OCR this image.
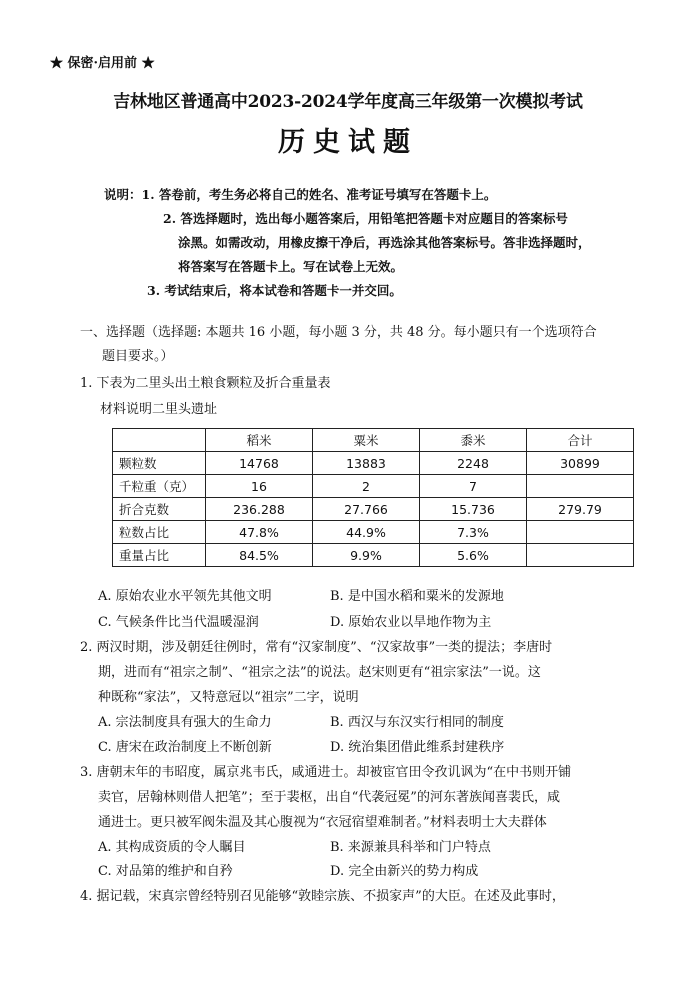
★ 保密·启用前 ★
吉林地区普通高中2023-2024学年度高三年级第一次模拟考试
历史试题
说明：1. 答卷前，考生务必将自己的姓名、准考证号填写在答题卡上。
2. 答选择题时，选出每小题答案后，用铅笔把答题卡对应题目的答案标号
涂黑。如需改动，用橡皮擦干净后，再选涂其他答案标号。答非选择题时，
将答案写在答题卡上。写在试卷上无效。
3. 考试结束后，将本试卷和答题卡一并交回。
一、选择题（选择题: 本题共 16 小题，每小题 3 分，共 48 分。每小题只有一个选项符合
题目要求。）
1. 下表为二里头出土粮食颗粒及折合重量表
材料说明二里头遗址
	稻米	粟米	黍米	合计
颗粒数	14768	13883	2248	30899
千粒重（克）	16	2	7	
折合克数	236.288	27.766	15.736	279.79
粒数占比	47.8%	44.9%	7.3%	
重量占比	84.5%	9.9%	5.6%	
A. 原始农业水平领先其他文明	B. 是中国水稻和粟米的发源地
C. 气候条件比当代温暖湿润	D. 原始农业以旱地作物为主
2. 两汉时期，涉及朝廷往例时，常有“汉家制度”、“汉家故事”一类的提法；李唐时
期，进而有“祖宗之制”、“祖宗之法”的说法。赵宋则更有“祖宗家法”一说。这
种既称“家法”，又特意冠以“祖宗”二字，说明
A. 宗法制度具有强大的生命力	B. 西汉与东汉实行相同的制度
C. 唐宋在政治制度上不断创新	D. 统治集团借此维系封建秩序
3. 唐朝末年的韦昭度，属京兆韦氏，咸通进士。却被宦官田令孜讥讽为“在中书则开铺
卖官，居翰林则借人把笔”；至于裴枢，出自“代袭冠冕”的河东著族闻喜裴氏，咸
通进士。更只被军阀朱温及其心腹视为“衣冠宿望难制者。”材料表明士大夫群体
A. 其构成资质的令人瞩目	B. 来源兼具科举和门户特点
C. 对品第的维护和自矜	D. 完全由新兴的势力构成
4. 据记载，宋真宗曾经特别召见能够“敦睦宗族、不损家声”的大臣。在述及此事时，
